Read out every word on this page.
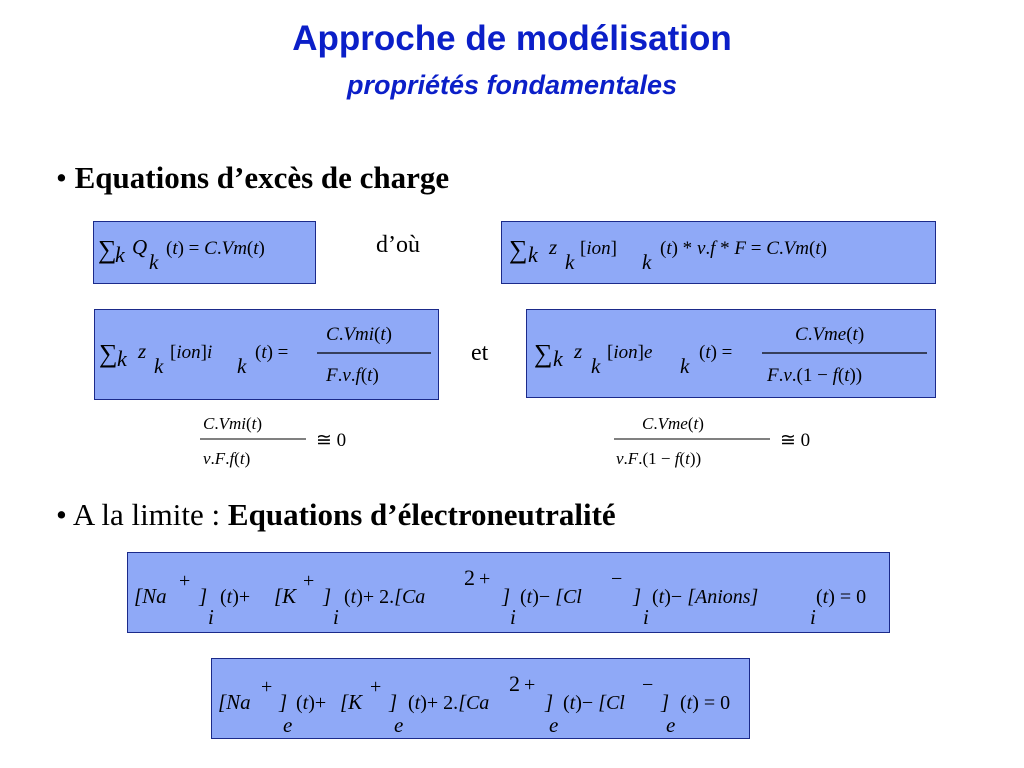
Approche de modélisation
propriétés fondamentales
• Equations d’excès de charge
∑
k Q
k
(t) = C.Vm(t)	d’où	∑ k z
k
[ion]
k
(t) * v.f * F = C.Vm(t)
∑ k z
k
[ion]i
k
(t) =
C.Vmi(t)
F.v.f(t)
et ∑ k z
k
[ion]e
k
(t) =
C.Vme(t)
F.v.(1 − f(t))
C.Vmi(t)
v.F.f(t)
≅ 0
C.Vme(t)
v.F.(1 − f(t))
≅ 0
• A la limite : Equations d’électroneutralité
[Na
+
]
i
(t)+ [K
+
]
i
(t)+ 2.[Ca
2 +
]
i
(t)− [Cl
−
]
i
(t)− [Anions]
i
(t) = 0
[Na
+
]
e
(t)+ [K
+
]
e
(t)+ 2.[Ca
2 +
]
e
(t)− [Cl
−
]
e
(t) = 0
